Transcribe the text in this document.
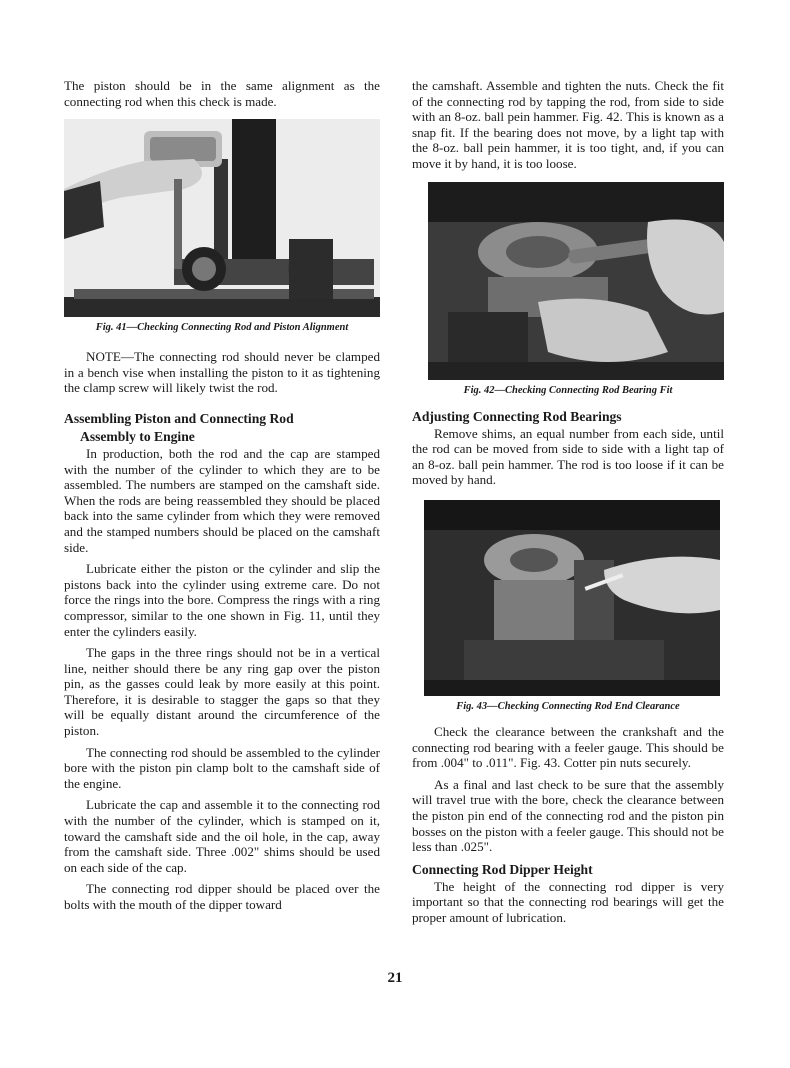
The piston should be in the same alignment as the connecting rod when this check is made.

Fig. 41—Checking Connecting Rod and Piston Alignment

NOTE—The connecting rod should never be clamped in a bench vise when installing the piston to it as tightening the clamp screw will likely twist the rod.

Assembling Piston and Connecting Rod
Assembly to Engine

In production, both the rod and the cap are stamped with the number of the cylinder to which they are to be assembled. The numbers are stamped on the camshaft side. When the rods are being reassembled they should be placed back into the same cylinder from which they were removed and the stamped numbers should be placed on the camshaft side.

Lubricate either the piston or the cylinder and slip the pistons back into the cylinder using extreme care. Do not force the rings into the bore. Compress the rings with a ring compressor, similar to the one shown in Fig. 11, until they enter the cylinders easily.

The gaps in the three rings should not be in a vertical line, neither should there be any ring gap over the piston pin, as the gasses could leak by more easily at this point. Therefore, it is desirable to stagger the gaps so that they will be equally distant around the circumference of the piston.

The connecting rod should be assembled to the cylinder bore with the piston pin clamp bolt to the camshaft side of the engine.

Lubricate the cap and assemble it to the connecting rod with the number of the cylinder, which is stamped on it, toward the camshaft side and the oil hole, in the cap, away from the camshaft side. Three .002" shims should be used on each side of the cap.

The connecting rod dipper should be placed over the bolts with the mouth of the dipper toward

the camshaft. Assemble and tighten the nuts. Check the fit of the connecting rod by tapping the rod, from side to side with an 8-oz. ball pein hammer. Fig. 42. This is known as a snap fit. If the bearing does not move, by a light tap with the 8-oz. ball pein hammer, it is too tight, and, if you can move it by hand, it is too loose.

Fig. 42—Checking Connecting Rod Bearing Fit
Adjusting Connecting Rod Bearings

Remove shims, an equal number from each side, until the rod can be moved from side to side with a light tap of an 8-oz. ball pein hammer. The rod is too loose if it can be moved by hand.

Fig. 43—Checking Connecting Rod End Clearance

Check the clearance between the crankshaft and the connecting rod bearing with a feeler gauge. This should be from .004" to .011". Fig. 43. Cotter pin nuts securely.

As a final and last check to be sure that the assembly will travel true with the bore, check the clearance between the piston pin end of the connecting rod and the piston pin bosses on the piston with a feeler gauge. This should not be less than .025".

Connecting Rod Dipper Height

The height of the connecting rod dipper is very important so that the connecting rod bearings will get the proper amount of lubrication.

21
